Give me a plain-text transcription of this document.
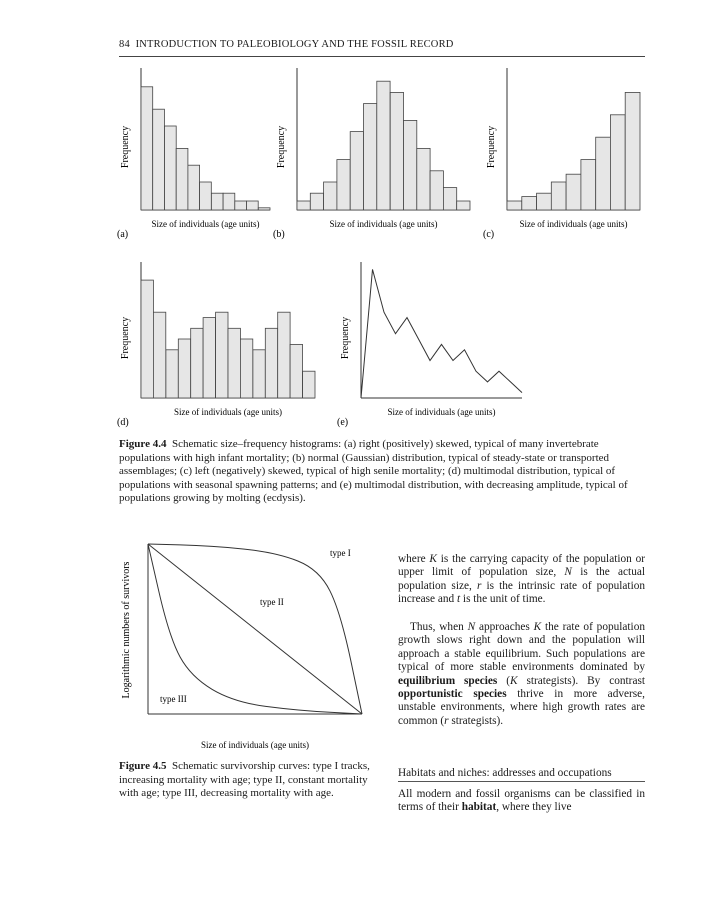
84 INTRODUCTION TO PALEOBIOLOGY AND THE FOSSIL RECORD
Frequency
Size of individuals (age units)
(a)
Frequency
Size of individuals (age units)
(b)
Frequency
Size of individuals (age units)
(c)
Frequency
Size of individuals (age units)
(d)
Frequency
Size of individuals (age units)
(e)
type I
type II
type III
Size of individuals (age units)
Logarithmic numbers of survivors
Figure 4.4 Schematic size–frequency histograms: (a) right (positively) skewed, typical of many invertebrate populations with high infant mortality; (b) normal (Gaussian) distribution, typical of steady-state or transported assemblages; (c) left (negatively) skewed, typical of high senile mortality; (d) multimodal distribution, typical of populations with seasonal spawning patterns; and (e) multimodal distribution, with decreasing amplitude, typical of populations growing by molting (ecdysis).
Figure 4.5 Schematic survivorship curves: type I tracks, increasing mortality with age; type II, constant mortality with age; type III, decreasing mortality with age.
where K is the carrying capacity of the population or upper limit of population size, N is the actual population size, r is the intrinsic rate of population increase and t is the unit of time.
Thus, when N approaches K the rate of population growth slows right down and the population will approach a stable equilibrium. Such populations are typical of more stable environments dominated by equilibrium species (K strategists). By contrast opportunistic species thrive in more adverse, unstable environments, where high growth rates are common (r strategists).
Habitats and niches: addresses and occupations
All modern and fossil organisms can be classified in terms of their habitat, where they live
